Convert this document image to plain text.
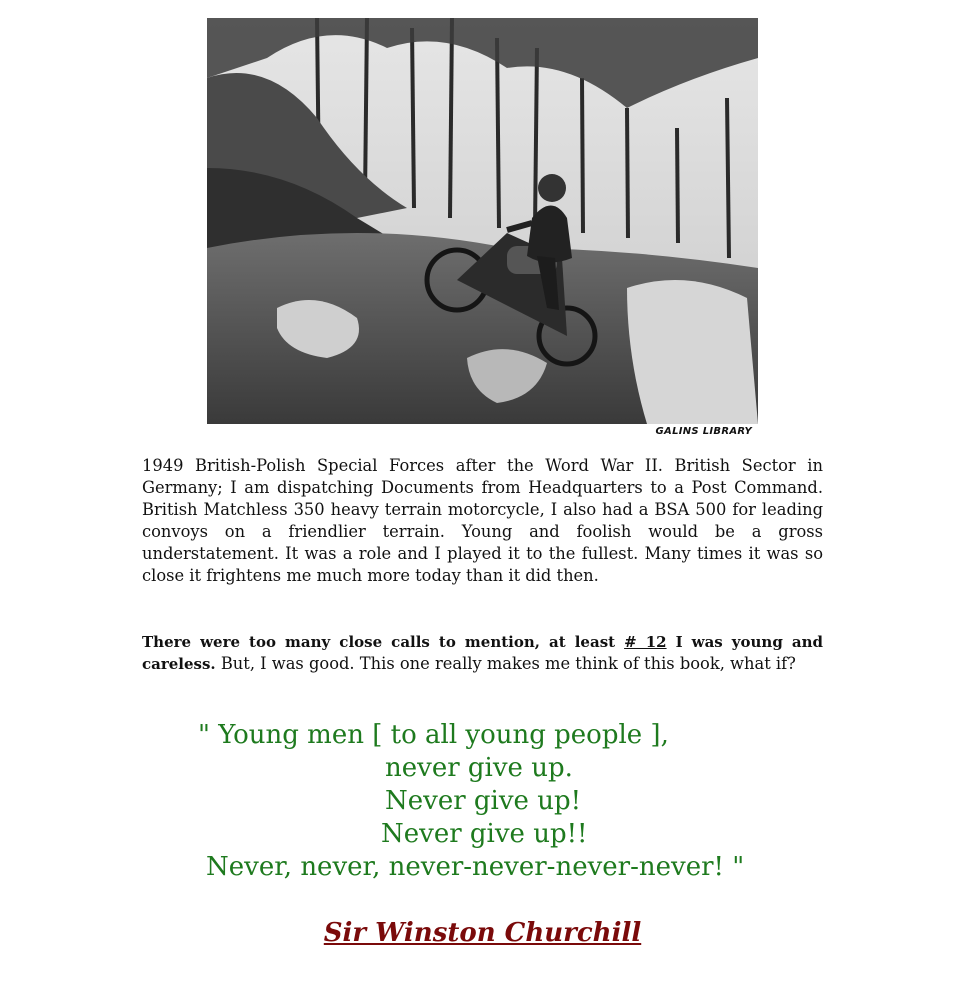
GALINS LIBRARY

1949 British-Polish Special Forces after the Word War II. British Sector in Germany; I am dispatching Documents from Headquarters to a Post Command. British Matchless 350 heavy terrain motorcycle, I also had a BSA 500 for leading convoys on a friendlier terrain. Young and foolish would be a gross understatement. It was a role and I played it to the fullest. Many times it was so close it frightens me much more today than it did then.

There were too many close calls to mention, at least # 12 I was young and careless. But, I was good. This one really makes me think of this book, what if?

" Young men [ to all young people ],
never give up.
Never give up!
Never give up!!
Never, never, never-never-never-never! "
Sir Winston Churchill
